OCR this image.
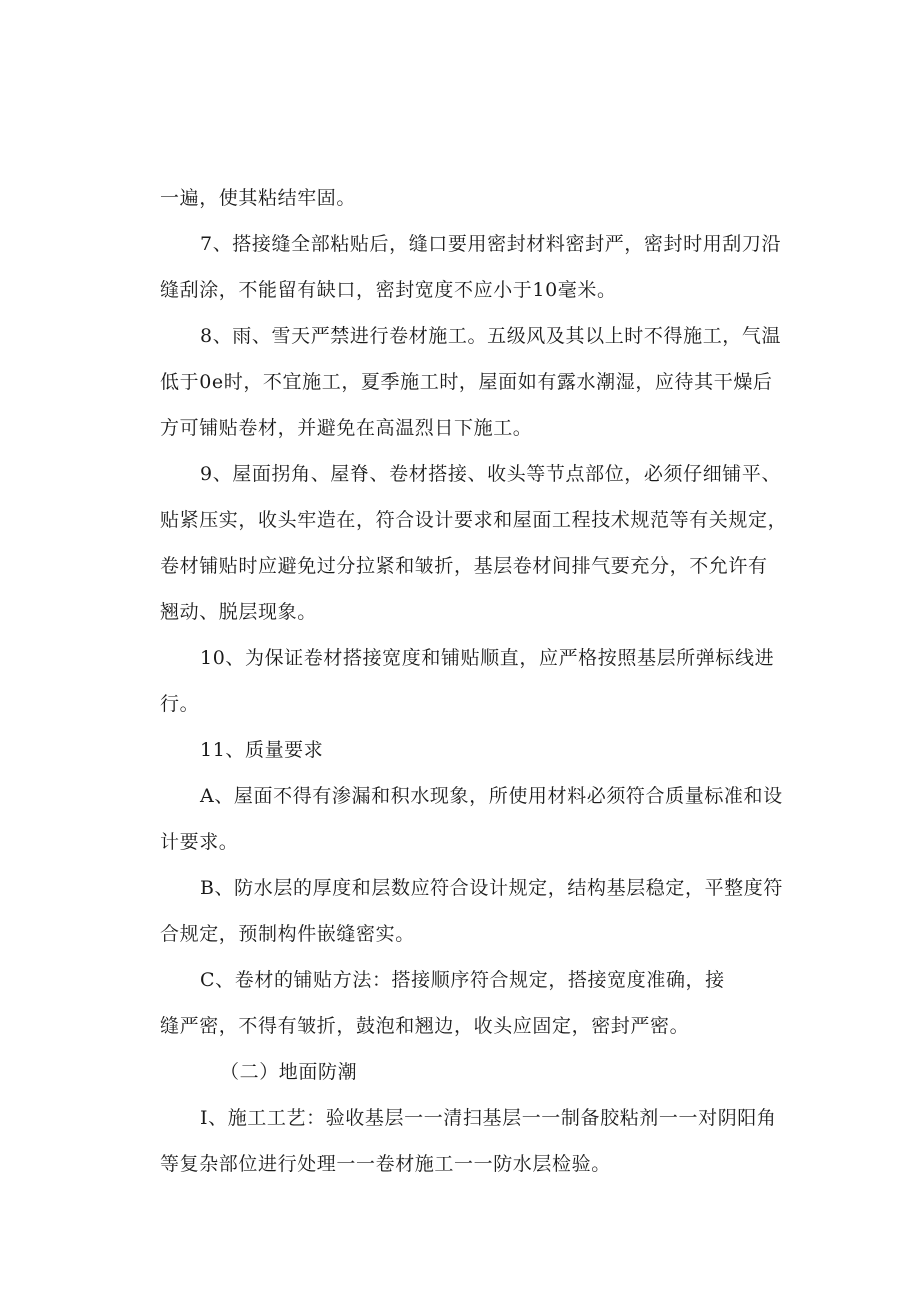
一遍，使其粘结牢固。
7、搭接缝全部粘贴后，缝口要用密封材料密封严，密封时用刮刀沿
缝刮涂，不能留有缺口，密封宽度不应小于10毫米。
8、雨、雪天严禁进行卷材施工。五级风及其以上时不得施工，气温
低于0e时，不宜施工，夏季施工时，屋面如有露水潮湿，应待其干燥后
方可铺贴卷材，并避免在高温烈日下施工。
9、屋面拐角、屋脊、卷材搭接、收头等节点部位，必须仔细铺平、
贴紧压实，收头牢造在，符合设计要求和屋面工程技术规范等有关规定，
卷材铺贴时应避免过分拉紧和皱折，基层卷材间排气要充分，不允许有
翘动、脱层现象。
10、为保证卷材搭接宽度和铺贴顺直，应严格按照基层所弹标线进
行。
11、质量要求
A、屋面不得有渗漏和积水现象，所使用材料必须符合质量标准和设
计要求。
B、防水层的厚度和层数应符合设计规定，结构基层稳定，平整度符
合规定，预制构件嵌缝密实。
C、卷材的铺贴方法：搭接顺序符合规定，搭接宽度准确，接
缝严密，不得有皱折，鼓泡和翘边，收头应固定，密封严密。
（二）地面防潮
I、施工工艺：验收基层一一清扫基层一一制备胶粘剂一一对阴阳角
等复杂部位进行处理一一卷材施工一一防水层检验。
